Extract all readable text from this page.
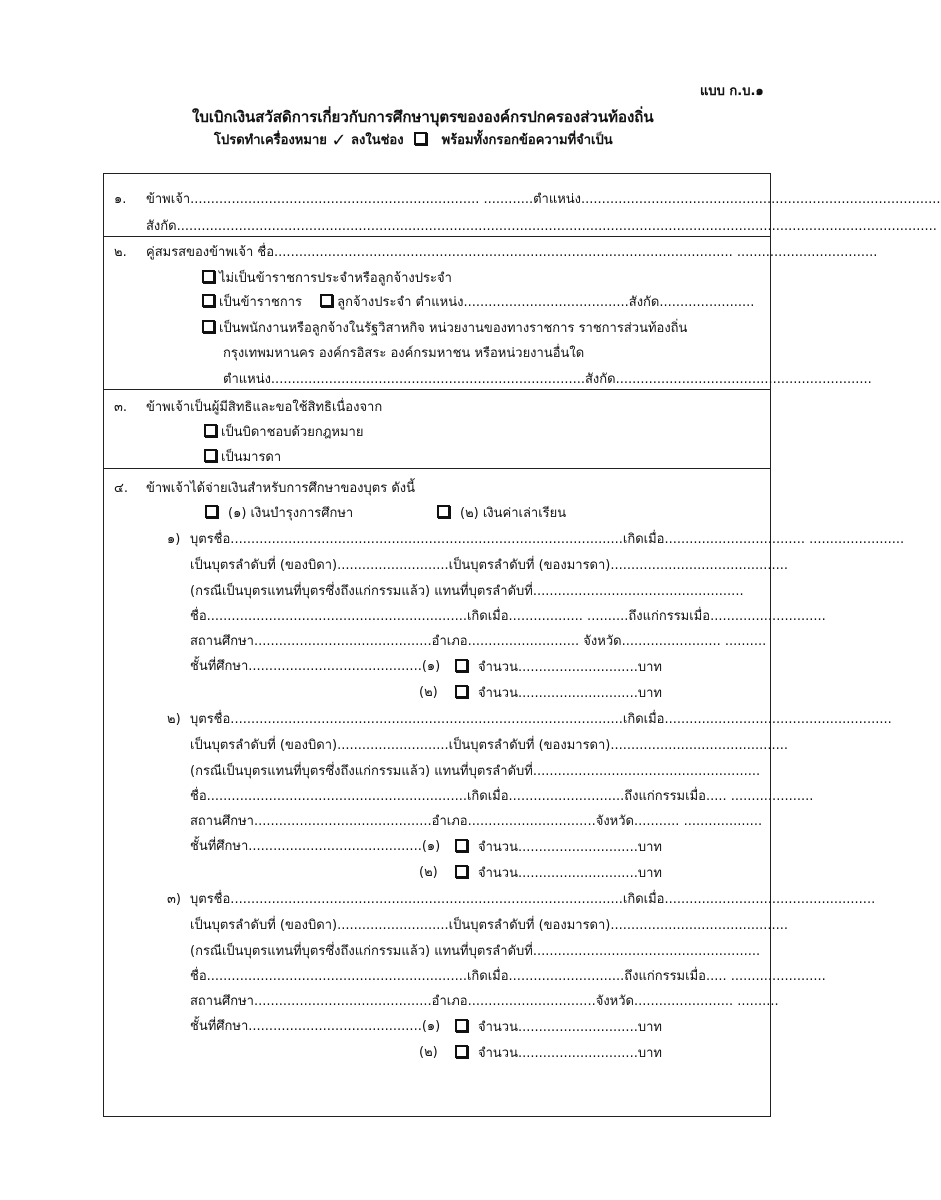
แบบ ก.บ.๑
ใบเบิกเงินสวัสดิการเกี่ยวกับการศึกษาบุตรขององค์กรปกครองส่วนท้องถิ่น
โปรดทำเครื่องหมาย ✓ ลงในช่อง	พร้อมทั้งกรอกข้อความที่จำเป็น
๑. ข้าพเจ้า...................................................................... ............ตำแหน่ง.......................................................................................
สังกัด........................................................................................................................................................................................
๒. คู่สมรสของข้าพเจ้า ชื่อ............................................................................................................... ..................................
ไม่เป็นข้าราชการประจำหรือลูกจ้างประจำ
เป็นข้าราชการ	ลูกจ้างประจำ ตำแหน่ง........................................สังกัด.......................
เป็นพนักงานหรือลูกจ้างในรัฐวิสาหกิจ หน่วยงานของทางราชการ ราชการส่วนท้องถิ่น
กรุงเทพมหานคร องค์กรอิสระ องค์กรมหาชน หรือหน่วยงานอื่นใด
ตำแหน่ง............................................................................สังกัด..............................................................
๓. ข้าพเจ้าเป็นผู้มีสิทธิและขอใช้สิทธิเนื่องจาก
เป็นบิดาชอบด้วยกฎหมาย
เป็นมารดา
๔. ข้าพเจ้าได้จ่ายเงินสำหรับการศึกษาของบุตร ดังนี้
(๑) เงินบำรุงการศึกษา	(๒) เงินค่าเล่าเรียน
๑) บุตรชื่อ...............................................................................................เกิดเมื่อ.................................. .......................
เป็นบุตรลำดับที่ (ของบิดา)...........................เป็นบุตรลำดับที่ (ของมารดา)...........................................
(กรณีเป็นบุตรแทนที่บุตรซึ่งถึงแก่กรรมแล้ว) แทนที่บุตรลำดับที่...................................................
ชื่อ...............................................................เกิดเมื่อ.................. ..........ถึงแก่กรรมเมื่อ............................
สถานศึกษา...........................................อำเภอ........................... จังหวัด........................ ..........
ชั้นที่ศึกษา..........................................(๑)	จำนวน.............................บาท
(๒)	จำนวน.............................บาท
๒) บุตรชื่อ...............................................................................................เกิดเมื่อ.......................................................
เป็นบุตรลำดับที่ (ของบิดา)...........................เป็นบุตรลำดับที่ (ของมารดา)...........................................
(กรณีเป็นบุตรแทนที่บุตรซึ่งถึงแก่กรรมแล้ว) แทนที่บุตรลำดับที่.......................................................
ชื่อ...............................................................เกิดเมื่อ............................ถึงแก่กรรมเมื่อ..... ....................
สถานศึกษา...........................................อำเภอ...............................จังหวัด........... ...................
ชั้นที่ศึกษา..........................................(๑)	จำนวน.............................บาท
(๒)	จำนวน.............................บาท
๓) บุตรชื่อ...............................................................................................เกิดเมื่อ...................................................
เป็นบุตรลำดับที่ (ของบิดา)...........................เป็นบุตรลำดับที่ (ของมารดา)...........................................
(กรณีเป็นบุตรแทนที่บุตรซึ่งถึงแก่กรรมแล้ว) แทนที่บุตรลำดับที่.......................................................
ชื่อ...............................................................เกิดเมื่อ............................ถึงแก่กรรมเมื่อ..... .......................
สถานศึกษา...........................................อำเภอ...............................จังหวัด........................ ..........
ชั้นที่ศึกษา..........................................(๑)	จำนวน.............................บาท
(๒)	จำนวน.............................บาท
